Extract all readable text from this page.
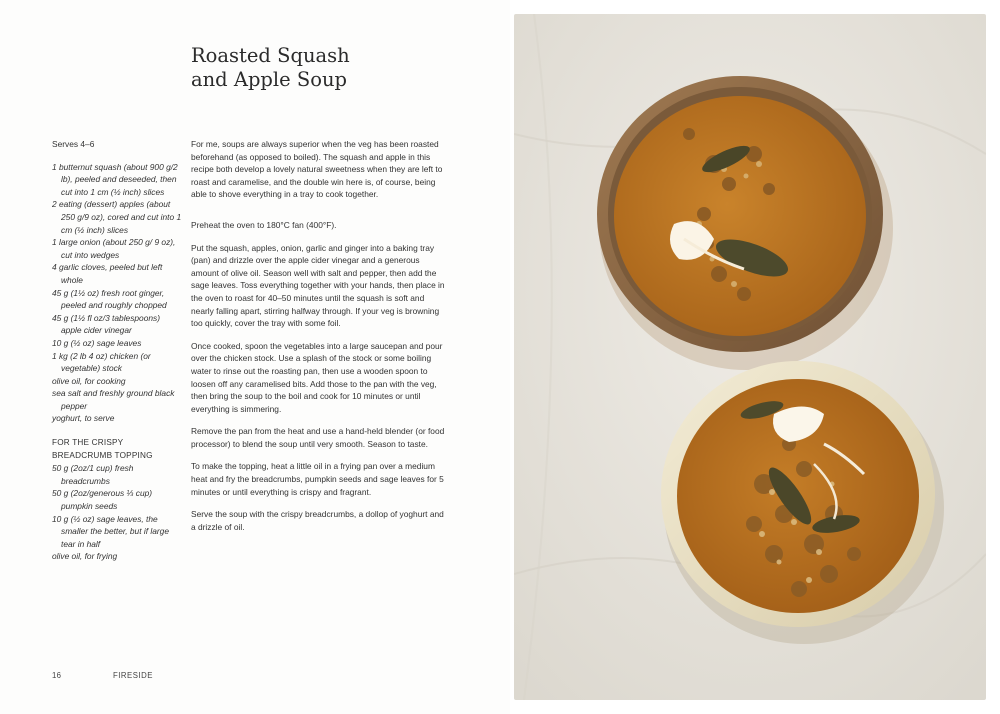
Roasted Squash
and Apple Soup

Serves 4–6

1 butternut squash (about 900 g/2 lb), peeled and deseeded, then cut into 1 cm (½ inch) slices
2 eating (dessert) apples (about 250 g/9 oz), cored and cut into 1 cm (½ inch) slices
1 large onion (about 250 g/ 9 oz), cut into wedges
4 garlic cloves, peeled but left whole
45 g (1½ oz) fresh root ginger, peeled and roughly chopped
45 g (1½ fl oz/3 tablespoons) apple cider vinegar
10 g (½ oz) sage leaves
1 kg (2 lb 4 oz) chicken (or vegetable) stock
olive oil, for cooking
sea salt and freshly ground black pepper
yoghurt, to serve

FOR THE CRISPY BREADCRUMB TOPPING

50 g (2oz/1 cup) fresh breadcrumbs
50 g (2oz/generous ⅓ cup) pumpkin seeds
10 g (½ oz) sage leaves, the smaller the better, but if large tear in half
olive oil, for frying

For me, soups are always superior when the veg has been roasted beforehand (as opposed to boiled). The squash and apple in this recipe both develop a lovely natural sweetness when they are left to roast and caramelise, and the double win here is, of course, being able to shove everything in a tray to cook together.

Preheat the oven to 180°C fan (400°F).

Put the squash, apples, onion, garlic and ginger into a baking tray (pan) and drizzle over the apple cider vinegar and a generous amount of olive oil. Season well with salt and pepper, then add the sage leaves. Toss everything together with your hands, then place in the oven to roast for 40–50 minutes until the squash is soft and nearly falling apart, stirring halfway through. If your veg is browning too quickly, cover the tray with some foil.

Once cooked, spoon the vegetables into a large saucepan and pour over the chicken stock. Use a splash of the stock or some boiling water to rinse out the roasting pan, then use a wooden spoon to loosen off any caramelised bits. Add those to the pan with the veg, then bring the soup to the boil and cook for 10 minutes or until everything is simmering.

Remove the pan from the heat and use a hand-held blender (or food processor) to blend the soup until very smooth. Season to taste.

To make the topping, heat a little oil in a frying pan over a medium heat and fry the breadcrumbs, pumpkin seeds and sage leaves for 5 minutes or until everything is crispy and fragrant.

Serve the soup with the crispy breadcrumbs, a dollop of yoghurt and a drizzle of oil.

16	FIRESIDE
